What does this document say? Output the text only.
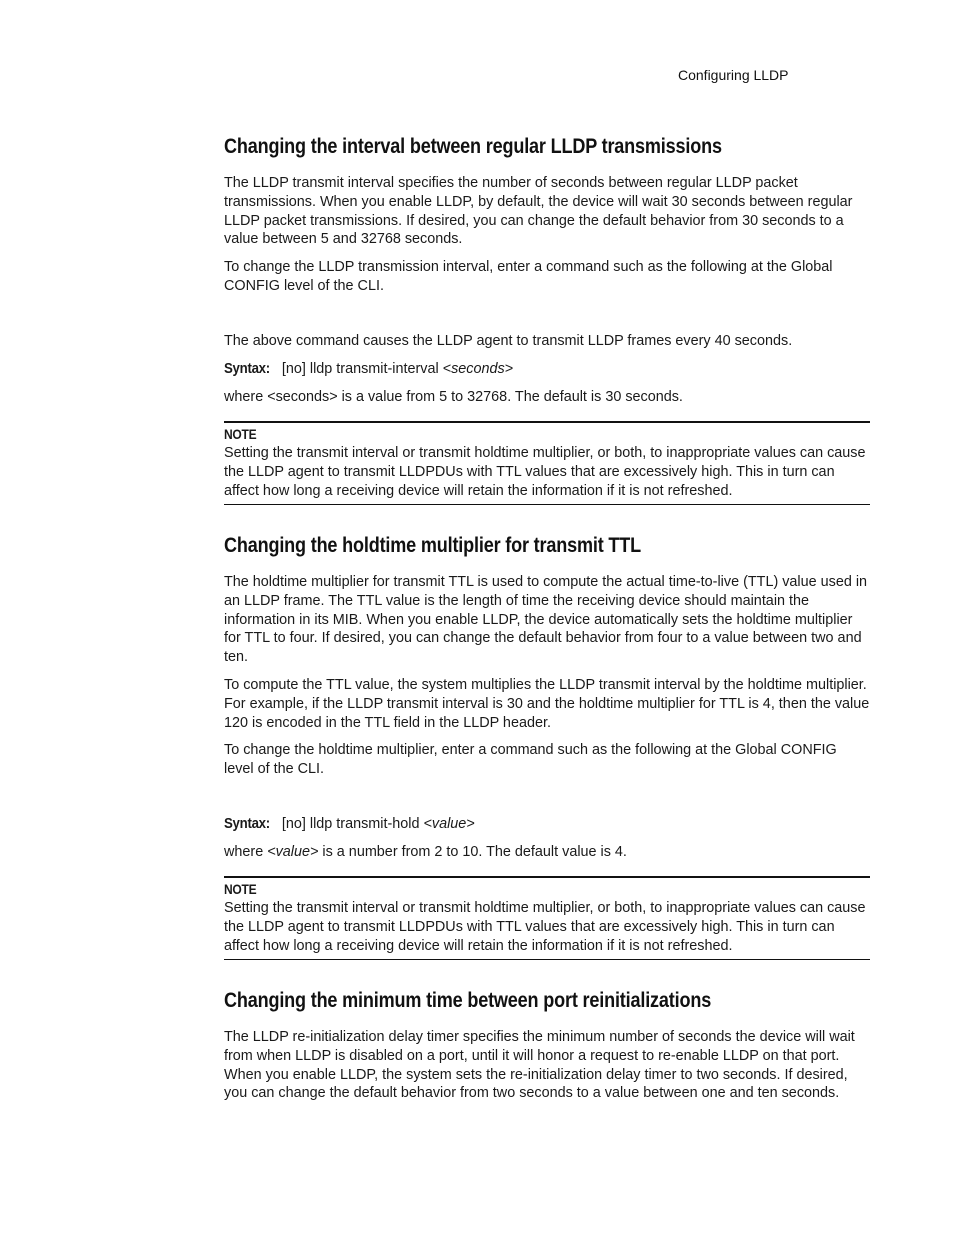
Configuring LLDP
Changing the interval between regular LLDP transmissions

The LLDP transmit interval specifies the number of seconds between regular LLDP packet transmissions. When you enable LLDP, by default, the device will wait 30 seconds between regular LLDP packet transmissions. If desired, you can change the default behavior from 30 seconds to a value between 5 and 32768 seconds.

To change the LLDP transmission interval, enter a command such as the following at the Global CONFIG level of the CLI.

The above command causes the LLDP agent to transmit LLDP frames every 40 seconds.

Syntax: [no] lldp transmit-interval <seconds>

where <seconds> is a value from 5 to 32768. The default is 30 seconds.

NOTE

Setting the transmit interval or transmit holdtime multiplier, or both, to inappropriate values can cause the LLDP agent to transmit LLDPDUs with TTL values that are excessively high. This in turn can affect how long a receiving device will retain the information if it is not refreshed.

Changing the holdtime multiplier for transmit TTL

The holdtime multiplier for transmit TTL is used to compute the actual time-to-live (TTL) value used in an LLDP frame. The TTL value is the length of time the receiving device should maintain the information in its MIB. When you enable LLDP, the device automatically sets the holdtime multiplier for TTL to four. If desired, you can change the default behavior from four to a value between two and ten.

To compute the TTL value, the system multiplies the LLDP transmit interval by the holdtime multiplier. For example, if the LLDP transmit interval is 30 and the holdtime multiplier for TTL is 4, then the value 120 is encoded in the TTL field in the LLDP header.

To change the holdtime multiplier, enter a command such as the following at the Global CONFIG level of the CLI.

Syntax: [no] lldp transmit-hold <value>

where <value> is a number from 2 to 10. The default value is 4.

NOTE

Setting the transmit interval or transmit holdtime multiplier, or both, to inappropriate values can cause the LLDP agent to transmit LLDPDUs with TTL values that are excessively high. This in turn can affect how long a receiving device will retain the information if it is not refreshed.

Changing the minimum time between port reinitializations

The LLDP re-initialization delay timer specifies the minimum number of seconds the device will wait from when LLDP is disabled on a port, until it will honor a request to re-enable LLDP on that port. When you enable LLDP, the system sets the re-initialization delay timer to two seconds. If desired, you can change the default behavior from two seconds to a value between one and ten seconds.
